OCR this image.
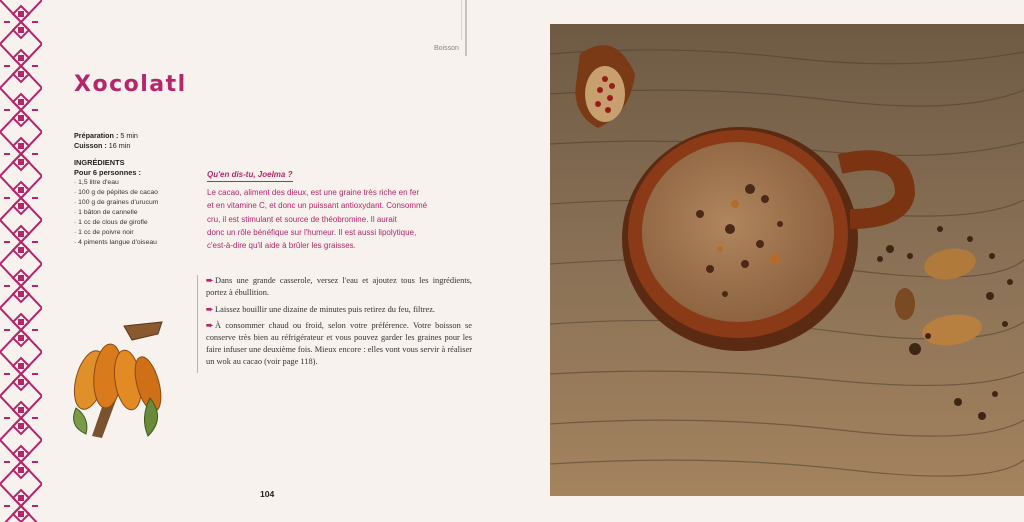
Boisson
Xocolatl
Préparation : 5 min
Cuisson : 16 min
INGRÉDIENTS
Pour 6 personnes :
· 1,5 litre d'eau
· 100 g de pépites de cacao
· 100 g de graines d'urucum
· 1 bâton de cannelle
· 1 cc de clous de girofle
· 1 cc de poivre noir
· 4 piments langue d'oiseau
Qu'en dis-tu, Joelma ?
Le cacao, aliment des dieux, est une graine très riche en fer
et en vitamine C, et donc un puissant antioxydant. Consommé
cru, il est stimulant et source de théobromine. Il aurait
donc un rôle bénéfique sur l'humeur. Il est aussi lipolytique,
c'est-à-dire qu'il aide à brûler les graisses.

➨ Dans une grande casserole, versez l'eau et ajoutez tous les ingrédients, portez à ébullition.

➨ Laissez bouillir une dizaine de minutes puis retirez du feu, filtrez.

➨ À consommer chaud ou froid, selon votre préférence. Votre boisson se conserve très bien au réfrigérateur et vous pouvez garder les graines pour les faire infuser une deuxième fois. Mieux encore : elles vont vous servir à réaliser un wok au cacao (voir page 118).

104
